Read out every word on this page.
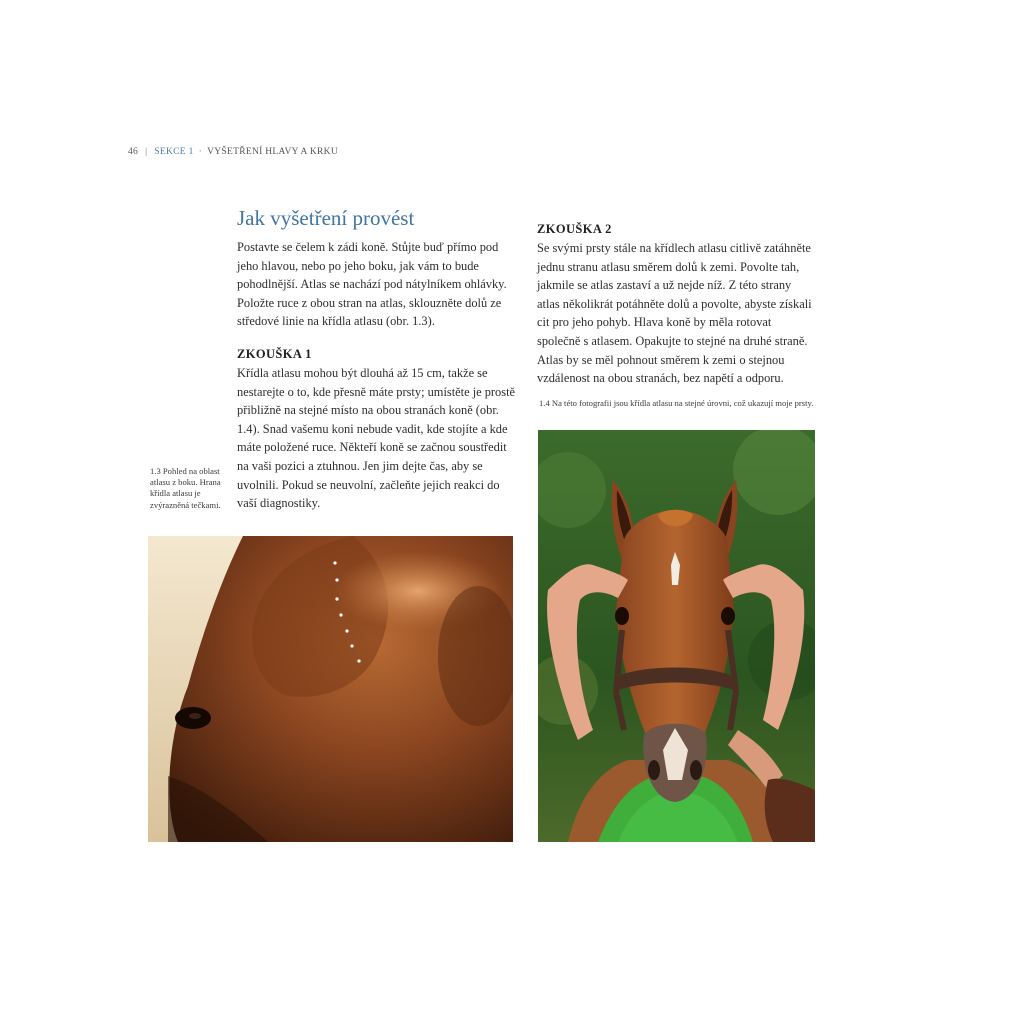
46 | SEKCE 1 · VYŠETŘENÍ HLAVY A KRKU
Jak vyšetření provést

Postavte se čelem k zádi koně. Stůjte buď přímo pod jeho hlavou, nebo po jeho boku, jak vám to bude pohodlnější. Atlas se nachází pod nátylníkem ohlávky. Položte ruce z obou stran na atlas, sklouzněte dolů ze středové linie na křídla atlasu (obr. 1.3).

ZKOUŠKA 1

Křídla atlasu mohou být dlouhá až 15 cm, takže se nestarejte o to, kde přesně máte prsty; umístěte je prostě přibližně na stejné místo na obou stranách koně (obr. 1.4). Snad vašemu koni nebude vadit, kde stojíte a kde máte položené ruce. Někteří koně se začnou soustředit na vaši pozici a ztuhnou. Jen jim dejte čas, aby se uvolnili. Pokud se neuvolní, začleňte jejich reakci do vaší diagnostiky.

ZKOUŠKA 2

Se svými prsty stále na křídlech atlasu citlivě zatáhněte jednu stranu atlasu směrem dolů k zemi. Povolte tah, jakmile se atlas zastaví a už nejde níž. Z této strany atlas několikrát potáhněte dolů a povolte, abyste získali cit pro jeho pohyb. Hlava koně by měla rotovat společně s atlasem. Opakujte to stejné na druhé straně. Atlas by se měl pohnout směrem k zemi o stejnou vzdálenost na obou stranách, bez napětí a odporu.

1.3 Pohled na oblast atlasu z boku. Hrana křídla atlasu je zvýrazněná tečkami.

1.4 Na této fotografii jsou křídla atlasu na stejné úrovni, což ukazují moje prsty.
